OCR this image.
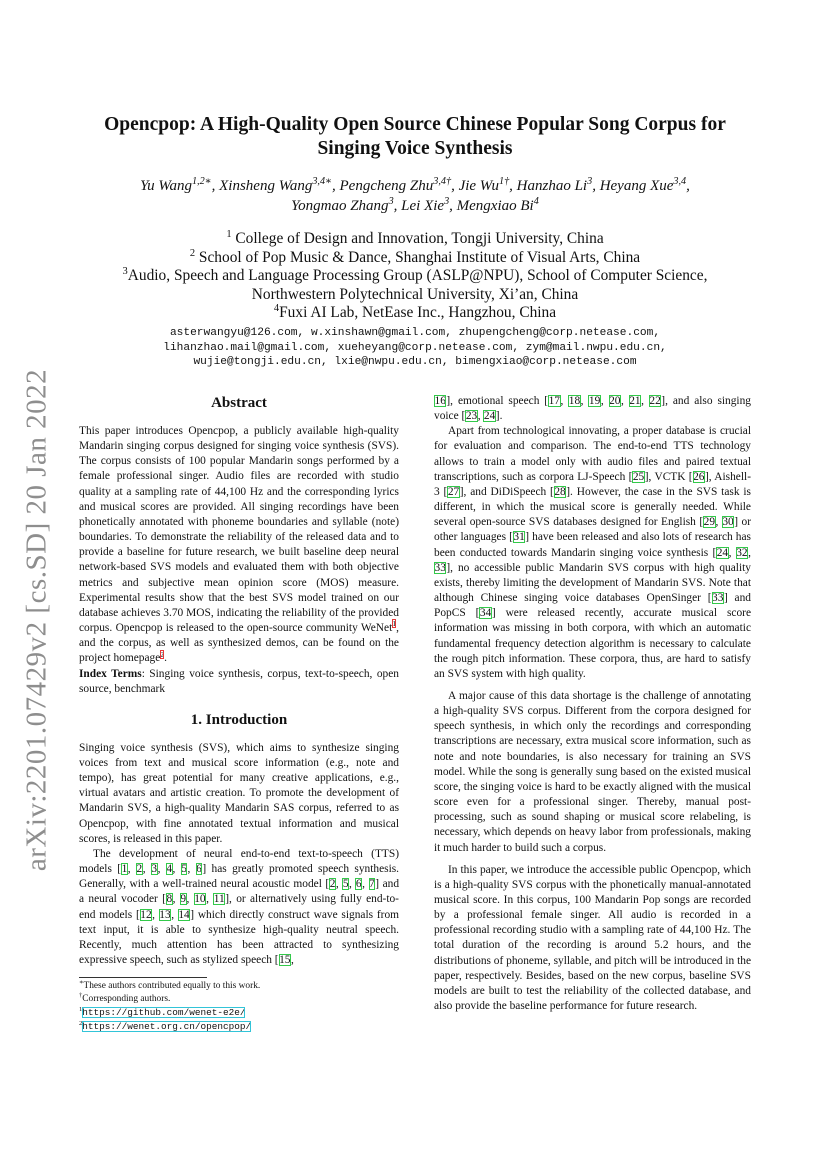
arXiv:2201.07429v2 [cs.SD] 20 Jan 2022
Opencpop: A High-Quality Open Source Chinese Popular Song Corpus for
Singing Voice Synthesis
Yu Wang$^{1,2∗}$, Xinsheng Wang$^{3,4∗}$, Pengcheng Zhu$^{3,4\dagger}$, Jie $Wu^{1\dagger}$, Hanzhao Li$^3$, Heyang Xue$^{3,4}$,
Yongmao Zhang$^3$, Lei Xie$^3$, Mengxiao Bi$^4$
$^1$ College of Design and Innovation, Tongji University, China
$^2$ School of Pop Music & Dance, Shanghai Institute of Visual Arts, China
$^3$Audio, Speech and Language Processing Group (ASLP@NPU), School of Computer Science,
Northwestern Polytechnical University, Xi’an, China
$^4$Fuxi AI Lab, NetEase Inc., Hangzhou, China
asterwangyu@126.com, w.xinshawn@gmail.com, zhupengcheng@corp.netease.com,
lihanzhao.mail@gmail.com, xueheyang@corp.netease.com, zym@mail.nwpu.edu.cn,
wujie@tongji.edu.cn, lxie@nwpu.edu.cn, bimengxiao@corp.netease.com
Abstract

This paper introduces Opencpop, a publicly available high-quality Mandarin singing corpus designed for singing voice synthesis (SVS). The corpus consists of 100 popular Mandarin songs performed by a female professional singer. Audio files are recorded with studio quality at a sampling rate of 44,100 Hz and the corresponding lyrics and musical scores are provided. All singing recordings have been phonetically annotated with phoneme boundaries and syllable (note) boundaries. To demonstrate the reliability of the released data and to provide a baseline for future research, we built baseline deep neural network-based SVS models and evaluated them with both objective metrics and subjective mean opinion score (MOS) measure. Experimental results show that the best SVS model trained on our database achieves 3.70 MOS, indicating the reliability of the provided corpus. Opencpop is released to the open-source community WeNet$^1$, and the corpus, as well as synthesized demos, can be found on the project homepage$^2$.

Index Terms: Singing voice synthesis, corpus, text-to-speech, open source, benchmark

1. Introduction

Singing voice synthesis (SVS), which aims to synthesize singing voices from text and musical score information (e.g., note and tempo), has great potential for many creative applications, e.g., virtual avatars and artistic creation. To promote the development of Mandarin SVS, a high-quality Mandarin SAS corpus, referred to as Opencpop, with fine annotated textual information and musical scores, is released in this paper.

The development of neural end-to-end text-to-speech (TTS) models [1, 2, 3, 4, 5, 6] has greatly promoted speech synthesis. Generally, with a well-trained neural acoustic model [2, 5, 6, 7] and a neural vocoder [8, 9, 10, 11], or alternatively using fully end-to-end models [12, 13, 14] which directly construct wave signals from text input, it is able to synthesize high-quality neutral speech. Recently, much attention has been attracted to synthesizing expressive speech, such as stylized speech [15,

16], emotional speech [17, 18, 19, 20, 21, 22], and also singing voice [23, 24].

Apart from technological innovating, a proper database is crucial for evaluation and comparison. The end-to-end TTS technology allows to train a model only with audio files and paired textual transcriptions, such as corpora LJ-Speech [25], VCTK [26], Aishell-3 [27], and DiDiSpeech [28]. However, the case in the SVS task is different, in which the musical score is generally needed. While several open-source SVS databases designed for English [29, 30] or other languages [31] have been released and also lots of research has been conducted towards Mandarin singing voice synthesis [24, 32, 33], no accessible public Mandarin SVS corpus with high quality exists, thereby limiting the development of Mandarin SVS. Note that although Chinese singing voice databases OpenSinger [33] and PopCS [34] were released recently, accurate musical score information was missing in both corpora, with which an automatic fundamental frequency detection algorithm is necessary to calculate the rough pitch information. These corpora, thus, are hard to satisfy an SVS system with high quality.

A major cause of this data shortage is the challenge of annotating a high-quality SVS corpus. Different from the corpora designed for speech synthesis, in which only the recordings and corresponding transcriptions are necessary, extra musical score information, such as note and note boundaries, is also necessary for training an SVS model. While the song is generally sung based on the existed musical score, the singing voice is hard to be exactly aligned with the musical score even for a professional singer. Thereby, manual post-processing, such as sound shaping or musical score relabeling, is necessary, which depends on heavy labor from professionals, making it much harder to build such a corpus.

In this paper, we introduce the accessible public Opencpop, which is a high-quality SVS corpus with the phonetically manual-annotated musical score. In this corpus, 100 Mandarin Pop songs are recorded by a professional female singer. All audio is recorded in a professional recording studio with a sampling rate of 44,100 Hz. The total duration of the recording is around 5.2 hours, and the distributions of phoneme, syllable, and pitch will be introduced in the paper, respectively. Besides, based on the new corpus, baseline SVS models are built to test the reliability of the collected database, and also provide the baseline performance for future research.

∗These authors contributed equally to this work.
†Corresponding authors.
$^1$https://github.com/wenet-e2e/
$^2$https://wenet.org.cn/opencpop/
